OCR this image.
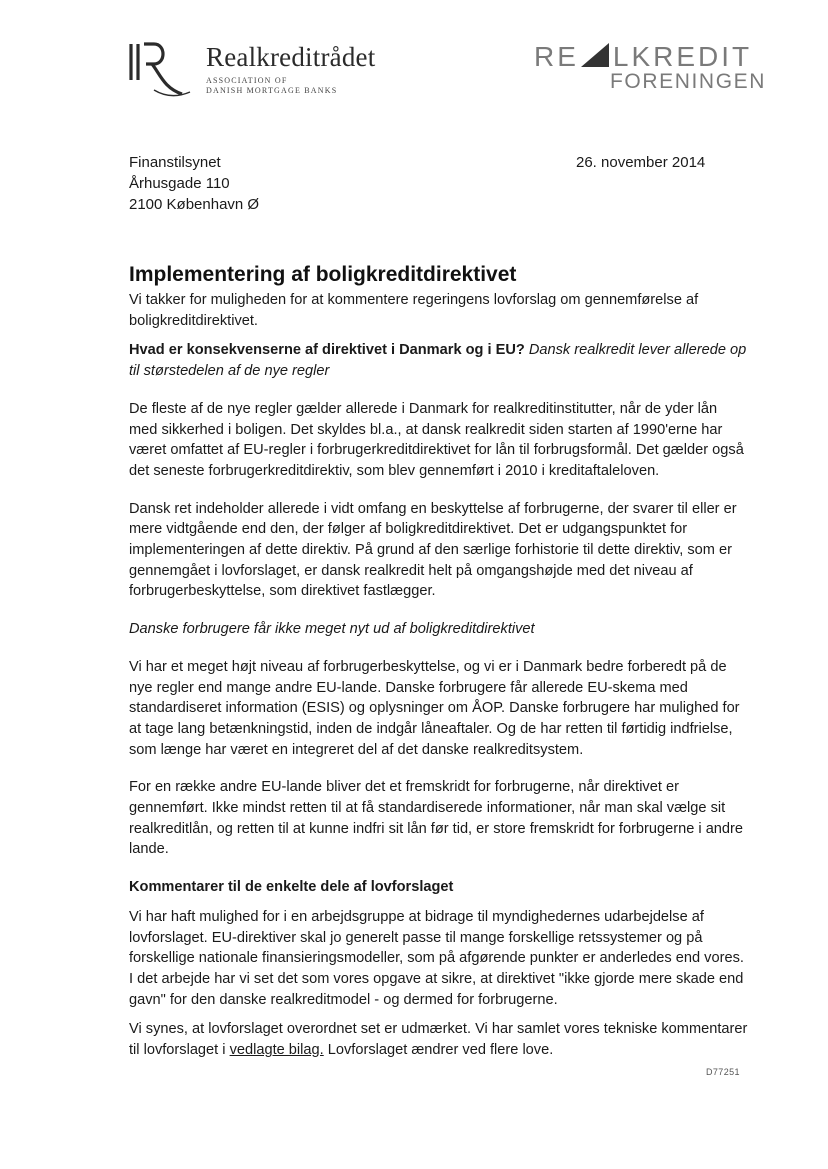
Realkreditrådet
ASSOCIATION OF
DANISH MORTGAGE BANKS
RE LKREDIT
FORENINGEN
Finanstilsynet
Århusgade 110
2100 København Ø
26. november 2014
Implementering af boligkreditdirektivet

Vi takker for muligheden for at kommentere regeringens lovforslag om gennemførelse af boligkreditdirektivet.

Hvad er konsekvenserne af direktivet i Danmark og i EU? Dansk realkredit lever allerede op til størstedelen af de nye regler

De fleste af de nye regler gælder allerede i Danmark for realkreditinstitutter, når de yder lån med sikkerhed i boligen. Det skyldes bl.a., at dansk realkredit siden starten af 1990'erne har været omfattet af EU-regler i forbrugerkreditdirektivet for lån til forbrugsformål. Det gælder også det seneste forbrugerkreditdirektiv, som blev gennemført i 2010 i kreditaftaleloven.

Dansk ret indeholder allerede i vidt omfang en beskyttelse af forbrugerne, der svarer til eller er mere vidtgående end den, der følger af boligkreditdirektivet. Det er udgangspunktet for implementeringen af dette direktiv. På grund af den særlige forhistorie til dette direktiv, som er gennemgået i lovforslaget, er dansk realkredit helt på omgangshøjde med det niveau af forbrugerbeskyttelse, som direktivet fastlægger.

Danske forbrugere får ikke meget nyt ud af boligkreditdirektivet

Vi har et meget højt niveau af forbrugerbeskyttelse, og vi er i Danmark bedre forberedt på de nye regler end mange andre EU-lande. Danske forbrugere får allerede EU-skema med standardiseret information (ESIS) og oplysninger om ÅOP. Danske forbrugere har mulighed for at tage lang betænkningstid, inden de indgår låneaftaler. Og de har retten til førtidig indfrielse, som længe har været en integreret del af det danske realkreditsystem.

For en række andre EU-lande bliver det et fremskridt for forbrugerne, når direktivet er gennemført. Ikke mindst retten til at få standardiserede informationer, når man skal vælge sit realkreditlån, og retten til at kunne indfri sit lån før tid, er store fremskridt for forbrugerne i andre lande.

Kommentarer til de enkelte dele af lovforslaget

Vi har haft mulighed for i en arbejdsgruppe at bidrage til myndighedernes udarbejdelse af lovforslaget. EU-direktiver skal jo generelt passe til mange forskellige retssystemer og på forskellige nationale finansieringsmodeller, som på afgørende punkter er anderledes end vores. I det arbejde har vi set det som vores opgave at sikre, at direktivet "ikke gjorde mere skade end gavn" for den danske realkreditmodel - og dermed for forbrugerne.

Vi synes, at lovforslaget overordnet set er udmærket. Vi har samlet vores tekniske kommentarer til lovforslaget i vedlagte bilag. Lovforslaget ændrer ved flere love.

D77251
